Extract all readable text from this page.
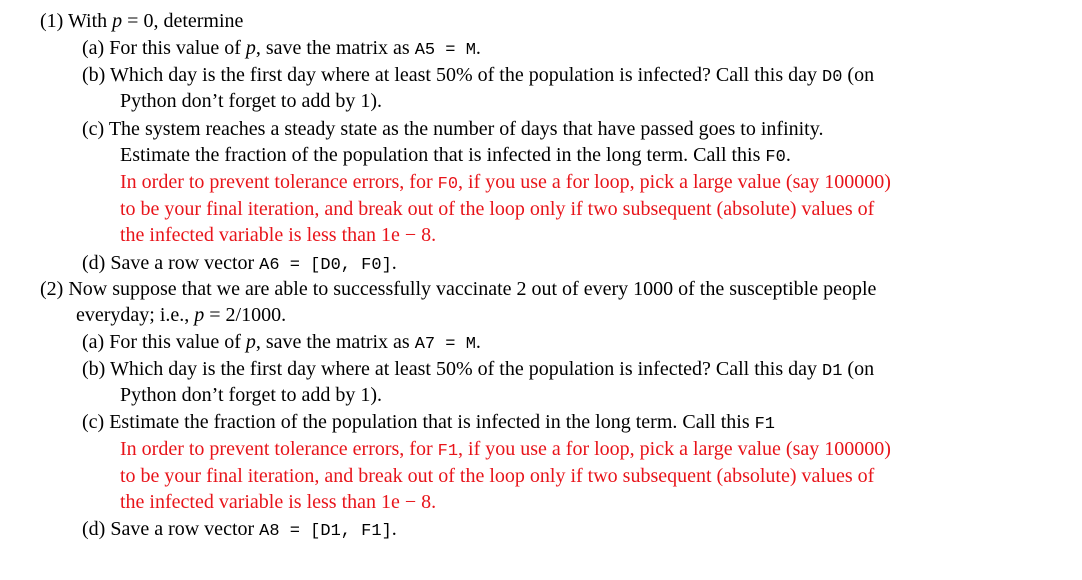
(1) With p = 0, determine
(a) For this value of p, save the matrix as A5 = M.
(b) Which day is the first day where at least 50% of the population is infected? Call this day D0 (on
Python don’t forget to add by 1).
(c) The system reaches a steady state as the number of days that have passed goes to infinity.
Estimate the fraction of the population that is infected in the long term. Call this F0.
In order to prevent tolerance errors, for F0, if you use a for loop, pick a large value (say 100000)
to be your final iteration, and break out of the loop only if two subsequent (absolute) values of
the infected variable is less than 1e − 8.
(d) Save a row vector A6 = [D0, F0].
(2) Now suppose that we are able to successfully vaccinate 2 out of every 1000 of the susceptible people
everyday; i.e., p = 2/1000.
(a) For this value of p, save the matrix as A7 = M.
(b) Which day is the first day where at least 50% of the population is infected? Call this day D1 (on
Python don’t forget to add by 1).
(c) Estimate the fraction of the population that is infected in the long term. Call this F1
In order to prevent tolerance errors, for F1, if you use a for loop, pick a large value (say 100000)
to be your final iteration, and break out of the loop only if two subsequent (absolute) values of
the infected variable is less than 1e − 8.
(d) Save a row vector A8 = [D1, F1].
